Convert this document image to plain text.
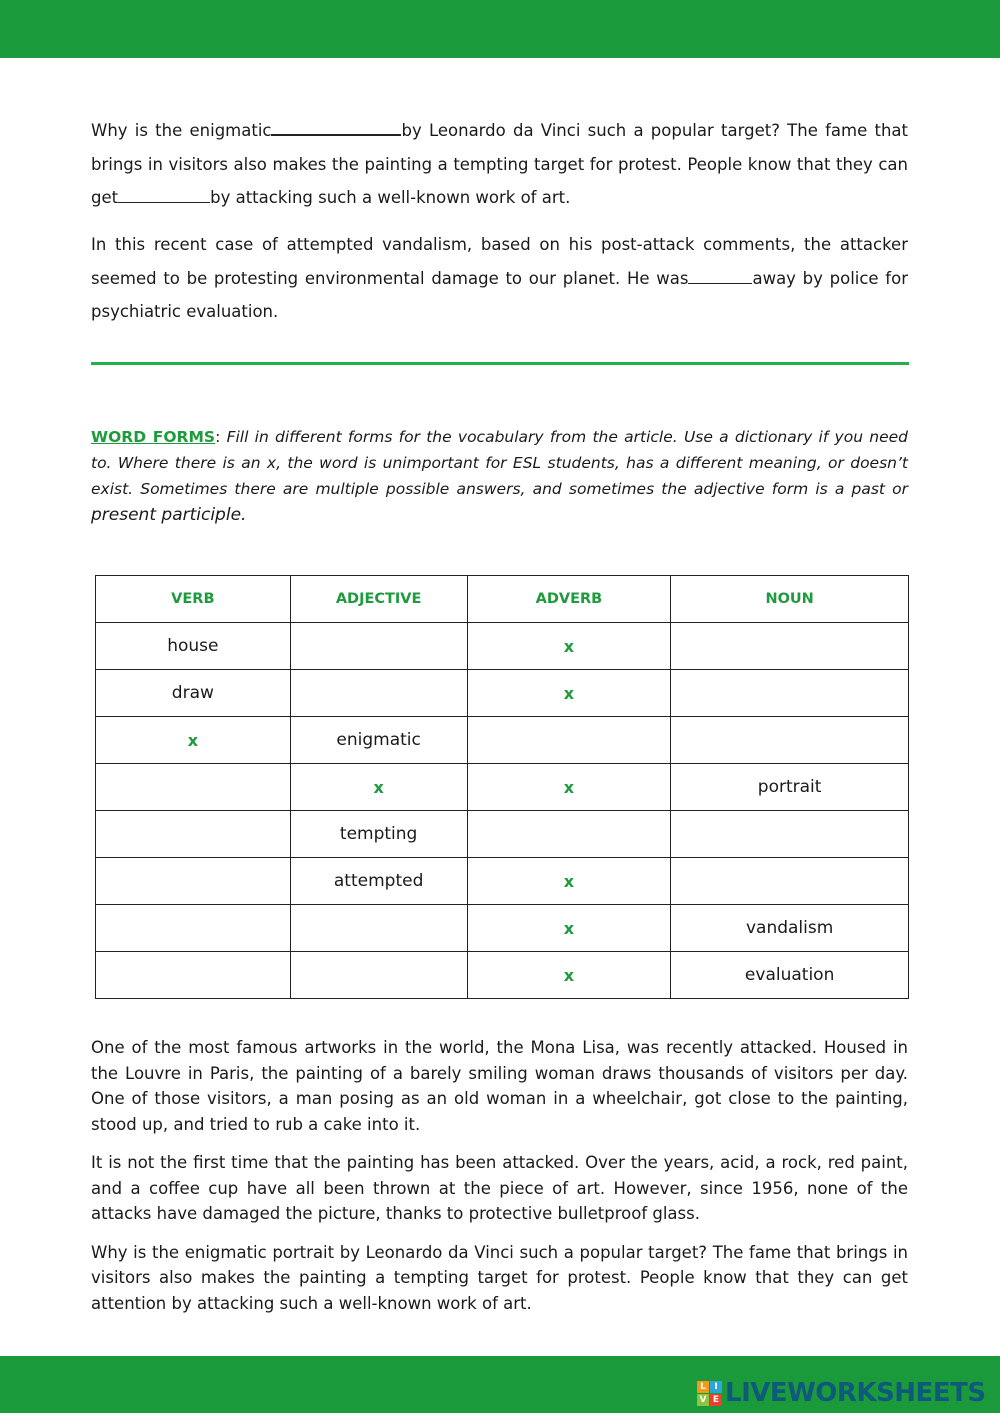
Why is the enigmatic	by Leonardo da Vinci such a popular target? The fame that brings in visitors also makes the painting a tempting target for protest. People know that they can get	by attacking such a well-known work of art.

In this recent case of attempted vandalism, based on his post-attack comments, the attacker seemed to be protesting environmental damage to our planet. He was	away by police for psychiatric evaluation.

WORD FORMS: Fill in different forms for the vocabulary from the article. Use a dictionary if you need to. Where there is an x, the word is unimportant for ESL students, has a different meaning, or doesn’t exist. Sometimes there are multiple possible answers, and sometimes the adjective form is a past or present participle.

VERB	ADJECTIVE	ADVERB	NOUN
house		x	
draw		x	
x	enigmatic		
	x	x	portrait
	tempting		
	attempted	x	
		x	vandalism
		x	evaluation

One of the most famous artworks in the world, the Mona Lisa, was recently attacked. Housed in the Louvre in Paris, the painting of a barely smiling woman draws thousands of visitors per day. One of those visitors, a man posing as an old woman in a wheelchair, got close to the painting, stood up, and tried to rub a cake into it.

It is not the first time that the painting has been attacked. Over the years, acid, a rock, red paint, and a coffee cup have all been thrown at the piece of art. However, since 1956, none of the attacks have damaged the picture, thanks to protective bulletproof glass.

Why is the enigmatic portrait by Leonardo da Vinci such a popular target? The fame that brings in visitors also makes the painting a tempting target for protest. People know that they can get attention by attacking such a well-known work of art.

L I
V E LIVEWORKSHEETS
